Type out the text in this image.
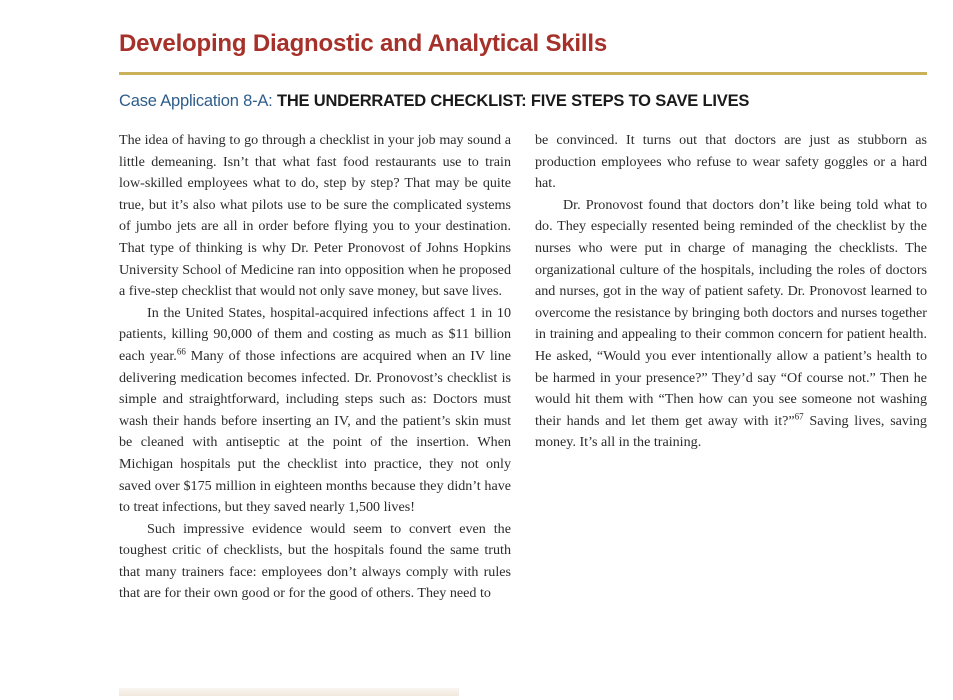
Developing Diagnostic and Analytical Skills
Case Application 8-A: THE UNDERRATED CHECKLIST: FIVE STEPS TO SAVE LIVES

The idea of having to go through a checklist in your job may sound a little demeaning. Isn’t that what fast food restaurants use to train low-skilled employees what to do, step by step? That may be quite true, but it’s also what pilots use to be sure the complicated systems of jumbo jets are all in order before flying you to your destination. That type of thinking is why Dr. Peter Pronovost of Johns Hopkins University School of Medicine ran into opposition when he proposed a five-step checklist that would not only save money, but save lives.

In the United States, hospital-acquired infections affect 1 in 10 patients, killing 90,000 of them and costing as much as $11 billion each year.$^{66}$ Many of those infections are acquired when an IV line delivering medication becomes infected. Dr. Pronovost’s checklist is simple and straightforward, including steps such as: Doctors must wash their hands before inserting an IV, and the patient’s skin must be cleaned with antiseptic at the point of the insertion. When Michigan hospitals put the checklist into practice, they not only saved over $175 million in eighteen months because they didn’t have to treat infections, but they saved nearly 1,500 lives!

Such impressive evidence would seem to convert even the toughest critic of checklists, but the hospitals found the same truth that many trainers face: employees don’t always comply with rules that are for their own good or for the good of others. They need to

be convinced. It turns out that doctors are just as stubborn as production employees who refuse to wear safety goggles or a hard hat.

Dr. Pronovost found that doctors don’t like being told what to do. They especially resented being reminded of the checklist by the nurses who were put in charge of managing the checklists. The organizational culture of the hospitals, including the roles of doctors and nurses, got in the way of patient safety. Dr. Pronovost learned to overcome the resistance by bringing both doctors and nurses together in training and appealing to their common concern for patient health. He asked, “Would you ever intentionally allow a patient’s health to be harmed in your presence?” They’d say “Of course not.” Then he would hit them with “Then how can you see someone not washing their hands and let them get away with it?”$^{67}$ Saving lives, saving money. It’s all in the training.
